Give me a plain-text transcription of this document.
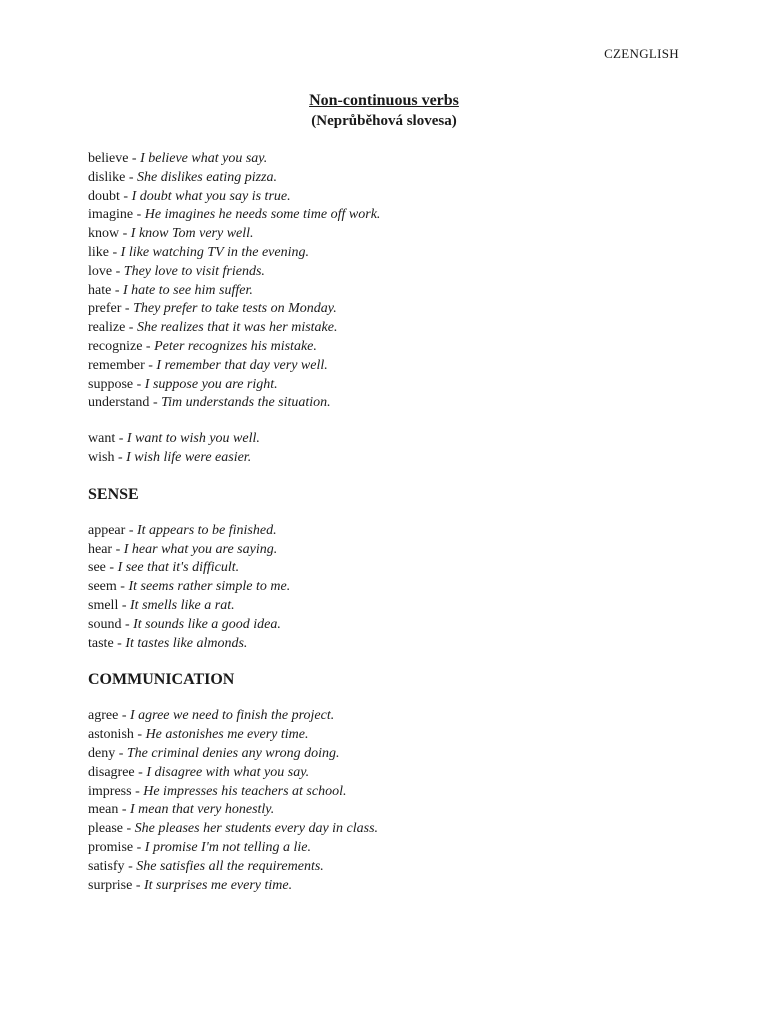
CZENGLISH
Non-continuous verbs
(Neprůběhová slovesa)
believe - I believe what you say.
dislike - She dislikes eating pizza.
doubt - I doubt what you say is true.
imagine - He imagines he needs some time off work.
know - I know Tom very well.
like - I like watching TV in the evening.
love - They love to visit friends.
hate - I hate to see him suffer.
prefer - They prefer to take tests on Monday.
realize - She realizes that it was her mistake.
recognize - Peter recognizes his mistake.
remember - I remember that day very well.
suppose - I suppose you are right.
understand - Tim understands the situation.
want - I want to wish you well.
wish - I wish life were easier.
SENSE
appear - It appears to be finished.
hear - I hear what you are saying.
see - I see that it's difficult.
seem - It seems rather simple to me.
smell - It smells like a rat.
sound - It sounds like a good idea.
taste - It tastes like almonds.
COMMUNICATION
agree - I agree we need to finish the project.
astonish - He astonishes me every time.
deny - The criminal denies any wrong doing.
disagree - I disagree with what you say.
impress - He impresses his teachers at school.
mean - I mean that very honestly.
please - She pleases her students every day in class.
promise - I promise I'm not telling a lie.
satisfy - She satisfies all the requirements.
surprise - It surprises me every time.
